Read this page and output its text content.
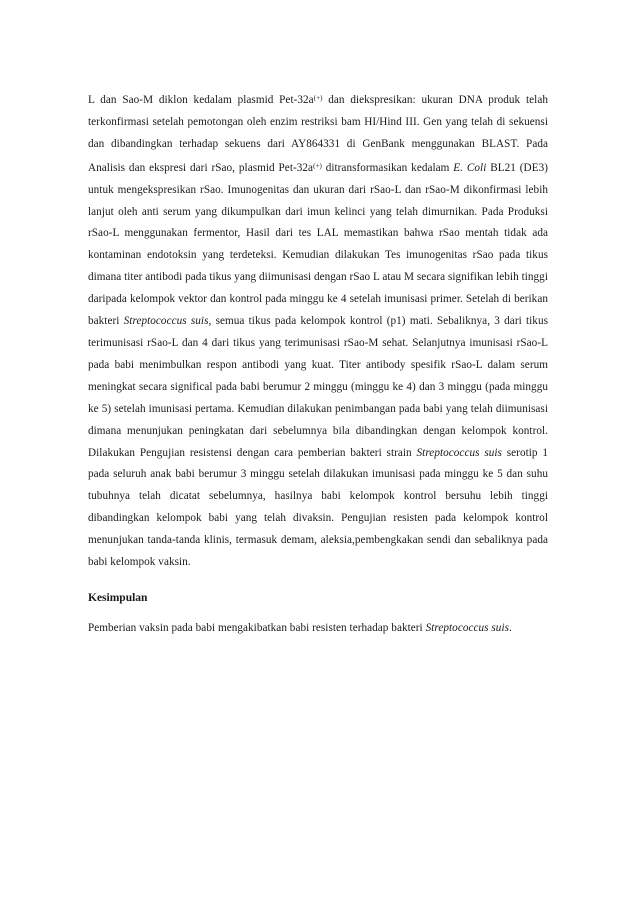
L dan Sao-M diklon kedalam plasmid Pet-32a(+) dan diekspresikan: ukuran DNA produk telah terkonfirmasi setelah pemotongan oleh enzim restriksi bam HI/Hind III. Gen yang telah di sekuensi dan dibandingkan terhadap sekuens dari AY864331 di GenBank menggunakan BLAST. Pada Analisis dan ekspresi dari rSao, plasmid Pet-32a(+) ditransformasikan kedalam E. Coli BL21 (DE3) untuk mengekspresikan rSao. Imunogenitas dan ukuran dari rSao-L dan rSao-M dikonfirmasi lebih lanjut oleh anti serum yang dikumpulkan dari imun kelinci yang telah dimurnikan. Pada Produksi rSao-L menggunakan fermentor, Hasil dari tes LAL memastikan bahwa rSao mentah tidak ada kontaminan endotoksin yang terdeteksi. Kemudian dilakukan Tes imunogenitas rSao pada tikus dimana titer antibodi pada tikus yang diimunisasi dengan rSao L atau M secara signifikan lebih tinggi daripada kelompok vektor dan kontrol pada minggu ke 4 setelah imunisasi primer. Setelah di berikan bakteri Streptococcus suis, semua tikus pada kelompok kontrol (p1) mati. Sebaliknya, 3 dari tikus terimunisasi rSao-L dan 4 dari tikus yang terimunisasi rSao-M sehat. Selanjutnya imunisasi rSao-L pada babi menimbulkan respon antibodi yang kuat. Titer antibody spesifik rSao-L dalam serum meningkat secara significal pada babi berumur 2 minggu (minggu ke 4) dan 3 minggu (pada minggu ke 5) setelah imunisasi pertama. Kemudian dilakukan penimbangan pada babi yang telah diimunisasi dimana menunjukan peningkatan dari sebelumnya bila dibandingkan dengan kelompok kontrol. Dilakukan Pengujian resistensi dengan cara pemberian bakteri strain Streptococcus suis serotip 1 pada seluruh anak babi berumur 3 minggu setelah dilakukan imunisasi pada minggu ke 5 dan suhu tubuhnya telah dicatat sebelumnya, hasilnya babi kelompok kontrol bersuhu lebih tinggi dibandingkan kelompok babi yang telah divaksin. Pengujian resisten pada kelompok kontrol menunjukan tanda-tanda klinis, termasuk demam, aleksia,pembengkakan sendi dan sebaliknya pada babi kelompok vaksin.

Kesimpulan

Pemberian vaksin pada babi mengakibatkan babi resisten terhadap bakteri Streptococcus suis.
